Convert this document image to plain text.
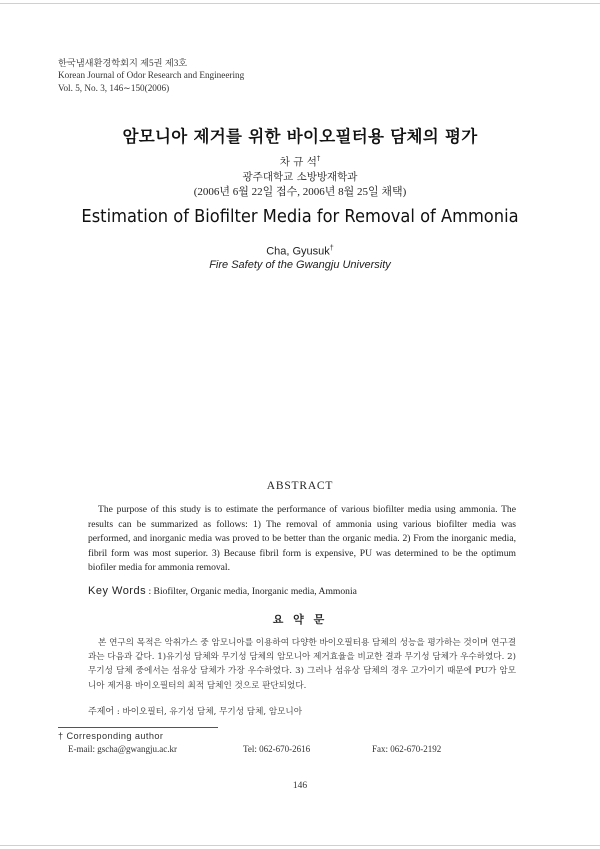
한국냄새환경학회지 제5권 제3호
Korean Journal of Odor Research and Engineering
Vol. 5, No. 3, 146∼150(2006)
암모니아 제거를 위한 바이오필터용 담체의 평가
차 규 석†
광주대학교 소방방재학과
(2006년 6월 22일 접수, 2006년 8월 25일 채택)
Estimation of Biofilter Media for Removal of Ammonia
Cha, Gyusuk†
Fire Safety of the Gwangju University
ABSTRACT

The purpose of this study is to estimate the performance of various biofilter media using ammonia. The results can be summarized as follows: 1) The removal of ammonia using various biofilter media was performed, and inorganic media was proved to be better than the organic media. 2) From the inorganic media, fibril form was most superior. 3) Because fibril form is expensive, PU was determined to be the optimum biofiler media for ammonia removal.

Key Words : Biofilter, Organic media, Inorganic media, Ammonia
요 약 문

본 연구의 목적은 악취가스 중 암모니아를 이용하여 다양한 바이오필터용 담체의 성능을 평가하는 것이며 연구결과는 다음과 같다. 1)유기성 담체와 무기성 담체의 암모니아 제거효율을 비교한 결과 무기성 담체가 우수하였다. 2) 무기성 담체 중에서는 섬유상 담체가 가장 우수하였다. 3) 그러나 섬유상 담체의 경우 고가이기 때문에 PU가 암모니아 제거용 바이오필터의 최적 담체인 것으로 판단되었다.

주제어 : 바이오필터, 유기성 담체, 무기성 담체, 암모니아
† Corresponding author
E-mail: gscha@gwangju.ac.kr	Tel: 062-670-2616	Fax: 062-670-2192
146
